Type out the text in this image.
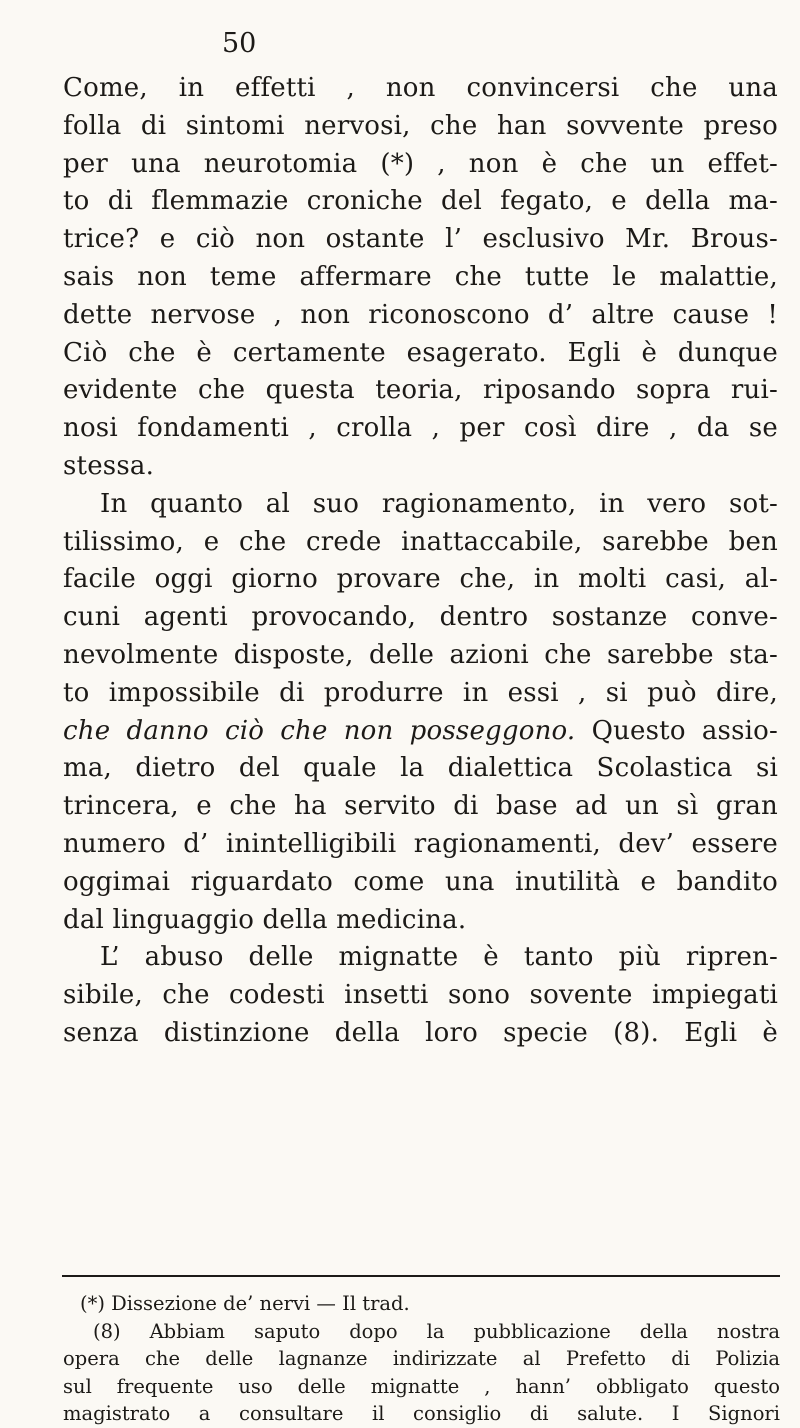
50
Come, in effetti , non convincersi che una
folla di sintomi nervosi, che han sovvente preso
per una neurotomia (*) , non è che un effet-
to di flemmazie croniche del fegato, e della ma-
trice? e ciò non ostante l’ esclusivo Mr. Brous-
sais non teme affermare che tutte le malattie,
dette nervose , non riconoscono d’ altre cause !
Ciò che è certamente esagerato. Egli è dunque
evidente che questa teoria, riposando sopra rui-
nosi fondamenti , crolla , per così dire , da se
stessa.
In quanto al suo ragionamento, in vero sot-
tilissimo, e che crede inattaccabile, sarebbe ben
facile oggi giorno provare che, in molti casi, al-
cuni agenti provocando, dentro sostanze conve-
nevolmente disposte, delle azioni che sarebbe sta-
to impossibile di produrre in essi , si può dire,
che danno ciò che non posseggono. Questo assio-
ma, dietro del quale la dialettica Scolastica si
trincera, e che ha servito di base ad un sì gran
numero d’ inintelligibili ragionamenti, dev’ essere
oggimai riguardato come una inutilità e bandito
dal linguaggio della medicina.
L’ abuso delle mignatte è tanto più ripren-
sibile, che codesti insetti sono sovente impiegati
senza distinzione della loro specie (8). Egli è
(*) Dissezione de’ nervi — Il trad.
(8) Abbiam saputo dopo la pubblicazione della nostra
opera che delle lagnanze indirizzate al Prefetto di Polizia
sul frequente uso delle mignatte , hann’ obbligato questo
magistrato a consultare il consiglio di salute. I Signori
